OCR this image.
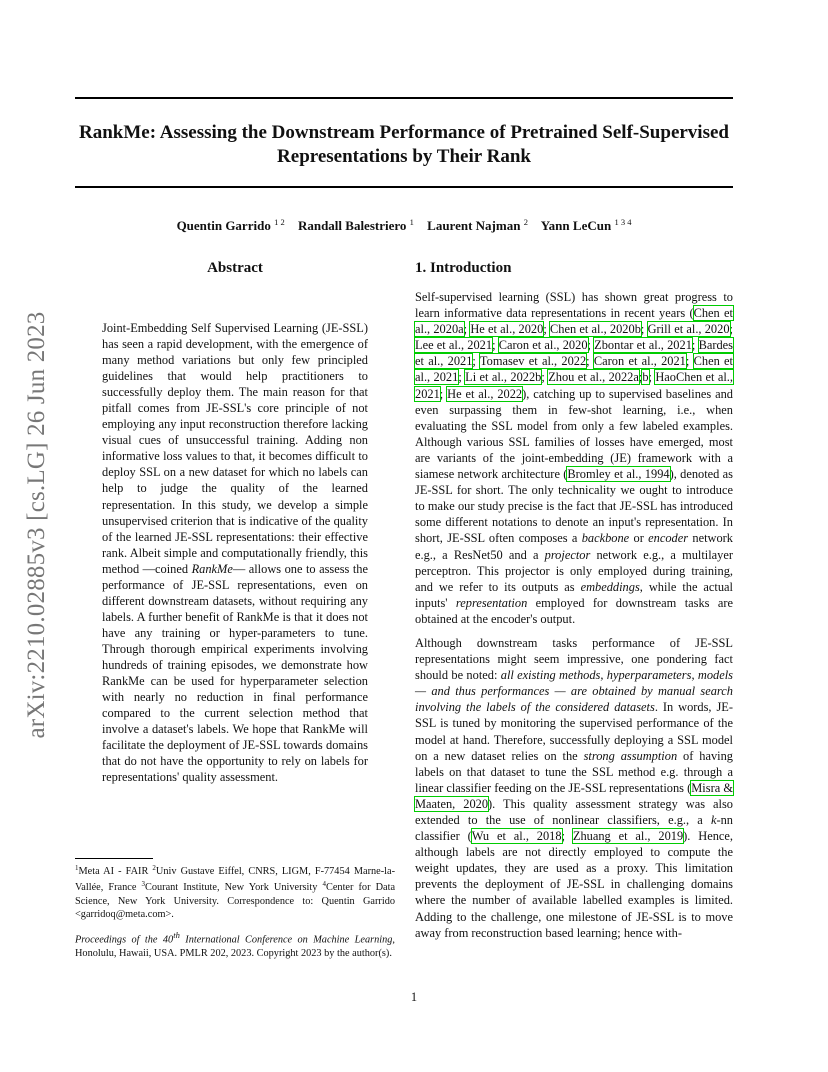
RankMe: Assessing the Downstream Performance of Pretrained Self-Supervised
Representations by Their Rank
Quentin Garrido $^{1 2}$ Randall Balestriero $^1$ Laurent Najman $^2$ Yann LeCun $^{1 3 4}$
arXiv:2210.02885v3 [cs.LG] 26 Jun 2023
Abstract
Joint-Embedding Self Supervised Learning (JE-SSL) has seen a rapid development, with the emergence of many method variations but only few principled guidelines that would help practitioners to successfully deploy them. The main reason for that pitfall comes from JE-SSL's core principle of not employing any input reconstruction therefore lacking visual cues of unsuccessful training. Adding non informative loss values to that, it becomes difficult to deploy SSL on a new dataset for which no labels can help to judge the quality of the learned representation. In this study, we develop a simple unsupervised criterion that is indicative of the quality of the learned JE-SSL representations: their effective rank. Albeit simple and computationally friendly, this method —coined RankMe— allows one to assess the performance of JE-SSL representations, even on different downstream datasets, without requiring any labels. A further benefit of RankMe is that it does not have any training or hyper-parameters to tune. Through thorough empirical experiments involving hundreds of training episodes, we demonstrate how RankMe can be used for hyperparameter selection with nearly no reduction in final performance compared to the current selection method that involve a dataset's labels. We hope that RankMe will facilitate the deployment of JE-SSL towards domains that do not have the opportunity to rely on labels for representations' quality assessment.
$^1$Meta AI - FAIR $^2$Univ Gustave Eiffel, CNRS, LIGM, F-77454 Marne-la-Vallée, France $^3$Courant Institute, New York University $^4$Center for Data Science, New York University. Correspondence to: Quentin Garrido <garridoq@meta.com>.
Proceedings of the 40th International Conference on Machine Learning, Honolulu, Hawaii, USA. PMLR 202, 2023. Copyright 2023 by the author(s).
1. Introduction

Self-supervised learning (SSL) has shown great progress to learn informative data representations in recent years (Chen et al., 2020a; He et al., 2020; Chen et al., 2020b; Grill et al., 2020; Lee et al., 2021; Caron et al., 2020; Zbontar et al., 2021; Bardes et al., 2021; Tomasev et al., 2022; Caron et al., 2021; Chen et al., 2021; Li et al., 2022b; Zhou et al., 2022a;b; HaoChen et al., 2021; He et al., 2022), catching up to supervised baselines and even surpassing them in few-shot learning, i.e., when evaluating the SSL model from only a few labeled examples. Although various SSL families of losses have emerged, most are variants of the joint-embedding (JE) framework with a siamese network architecture (Bromley et al., 1994), denoted as JE-SSL for short. The only technicality we ought to introduce to make our study precise is the fact that JE-SSL has introduced some different notations to denote an input's representation. In short, JE-SSL often composes a backbone or encoder network e.g., a ResNet50 and a projector network e.g., a multilayer perceptron. This projector is only employed during training, and we refer to its outputs as embeddings, while the actual inputs' representation employed for downstream tasks are obtained at the encoder's output.

Although downstream tasks performance of JE-SSL representations might seem impressive, one pondering fact should be noted: all existing methods, hyperparameters, models — and thus performances — are obtained by manual search involving the labels of the considered datasets. In words, JE-SSL is tuned by monitoring the supervised performance of the model at hand. Therefore, successfully deploying a SSL model on a new dataset relies on the strong assumption of having labels on that dataset to tune the SSL method e.g. through a linear classifier feeding on the JE-SSL representations (Misra & Maaten, 2020). This quality assessment strategy was also extended to the use of nonlinear classifiers, e.g., a k-nn classifier (Wu et al., 2018; Zhuang et al., 2019). Hence, although labels are not directly employed to compute the weight updates, they are used as a proxy. This limitation prevents the deployment of JE-SSL in challenging domains where the number of available labelled examples is limited. Adding to the challenge, one milestone of JE-SSL is to move away from reconstruction based learning; hence with-

1
